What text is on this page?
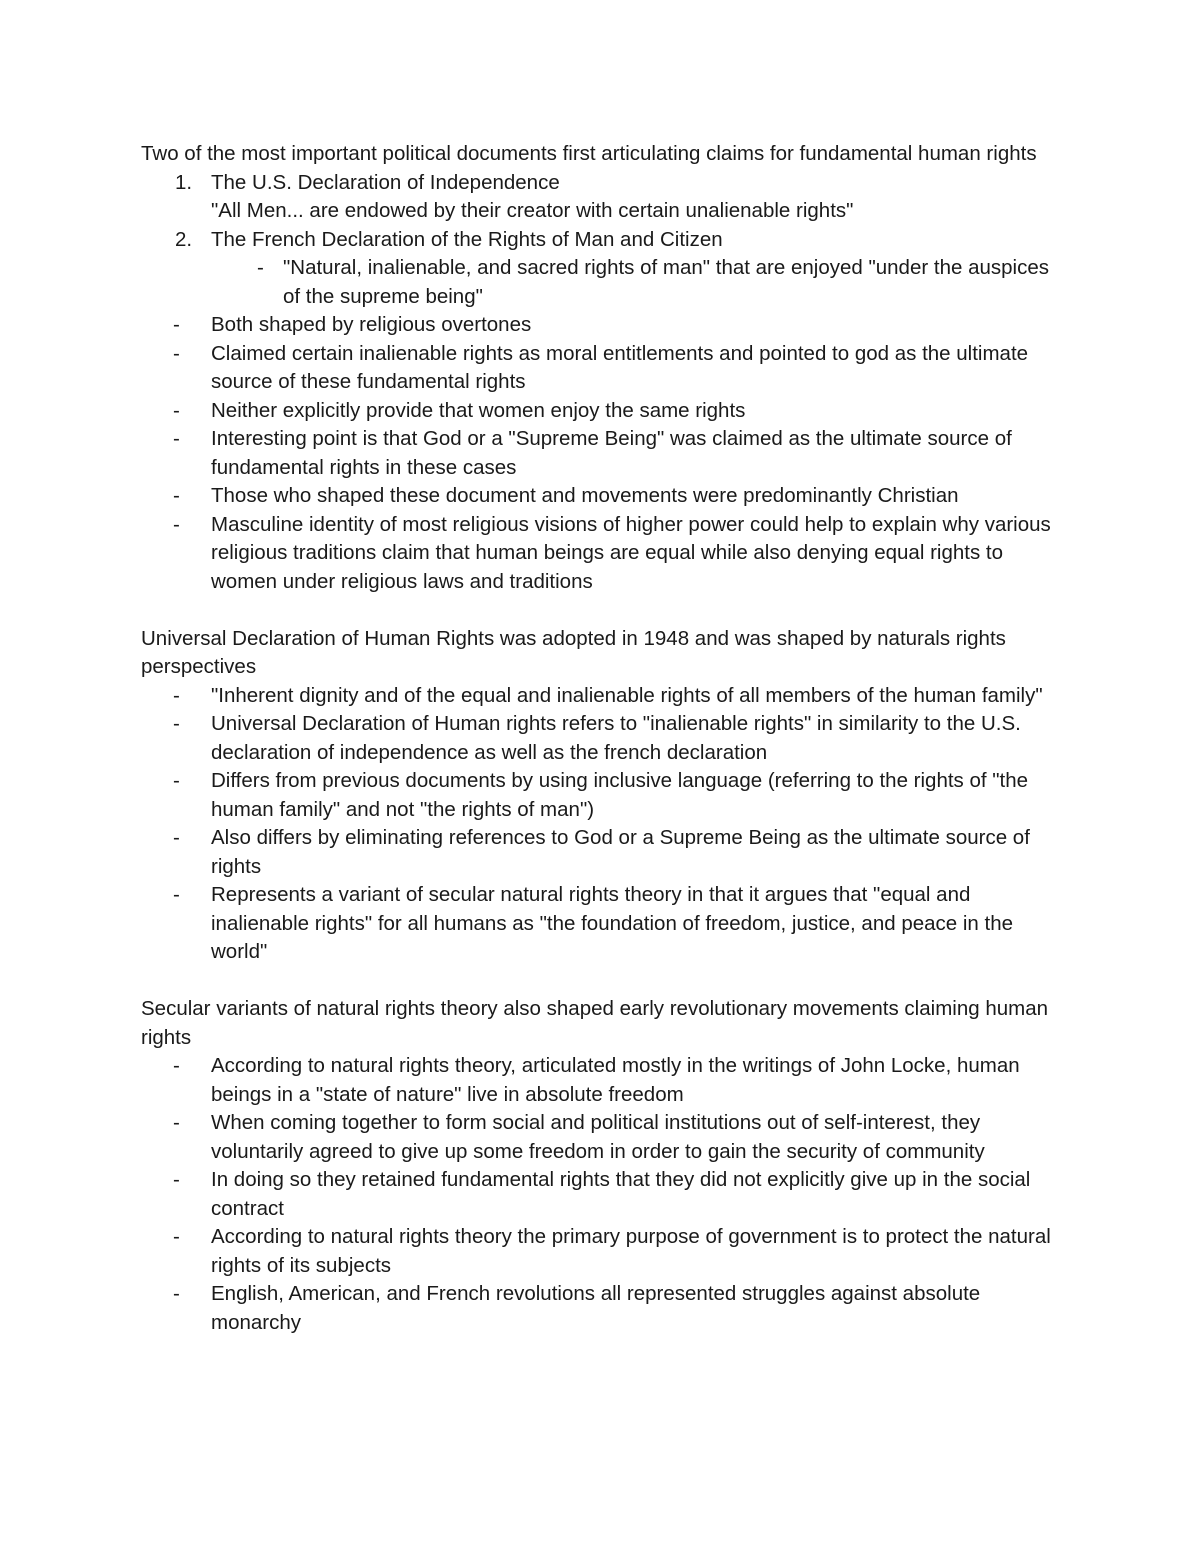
Two of the most important political documents first articulating claims for fundamental human rights

1. The U.S. Declaration of Independence
"All Men... are endowed by their creator with certain unalienable rights"
2. The French Declaration of the Rights of Man and Citizen
- "Natural, inalienable, and sacred rights of man" that are enjoyed "under the auspices of the supreme being"
- Both shaped by religious overtones
- Claimed certain inalienable rights as moral entitlements and pointed to god as the ultimate source of these fundamental rights
- Neither explicitly provide that women enjoy the same rights
- Interesting point is that God or a "Supreme Being" was claimed as the ultimate source of fundamental rights in these cases
- Those who shaped these document and movements were predominantly Christian
- Masculine identity of most religious visions of higher power could help to explain why various religious traditions claim that human beings are equal while also denying equal rights to women under religious laws and traditions

Universal Declaration of Human Rights was adopted in 1948 and was shaped by naturals rights perspectives

- "Inherent dignity and of the equal and inalienable rights of all members of the human family"
- Universal Declaration of Human rights refers to "inalienable rights" in similarity to the U.S. declaration of independence as well as the french declaration
- Differs from previous documents by using inclusive language (referring to the rights of "the human family" and not "the rights of man")
- Also differs by eliminating references to God or a Supreme Being as the ultimate source of rights
- Represents a variant of secular natural rights theory in that it argues that "equal and inalienable rights" for all humans as "the foundation of freedom, justice, and peace in the world"

Secular variants of natural rights theory also shaped early revolutionary movements claiming human rights

- According to natural rights theory, articulated mostly in the writings of John Locke, human beings in a "state of nature" live in absolute freedom
- When coming together to form social and political institutions out of self-interest, they voluntarily agreed to give up some freedom in order to gain the security of community
- In doing so they retained fundamental rights that they did not explicitly give up in the social contract
- According to natural rights theory the primary purpose of government is to protect the natural rights of its subjects
- English, American, and French revolutions all represented struggles against absolute monarchy
